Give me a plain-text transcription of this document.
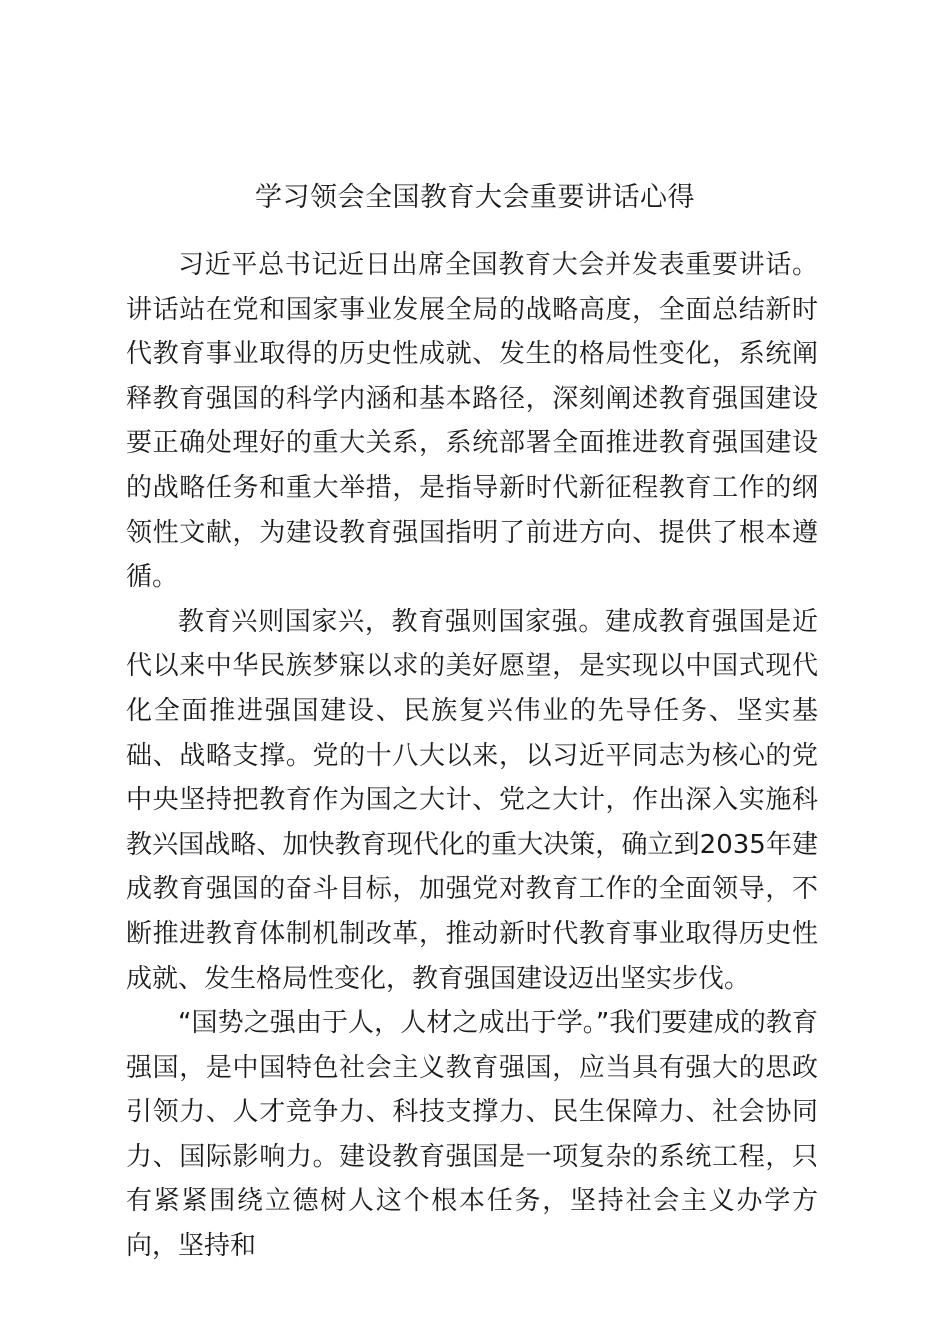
学习领会全国教育大会重要讲话心得

习近平总书记近日出席全国教育大会并发表重要讲话。讲话站在党和国家事业发展全局的战略高度，全面总结新时代教育事业取得的历史性成就、发生的格局性变化，系统阐释教育强国的科学内涵和基本路径，深刻阐述教育强国建设要正确处理好的重大关系，系统部署全面推进教育强国建设的战略任务和重大举措，是指导新时代新征程教育工作的纲领性文献，为建设教育强国指明了前进方向、提供了根本遵循。

教育兴则国家兴，教育强则国家强。建成教育强国是近代以来中华民族梦寐以求的美好愿望，是实现以中国式现代化全面推进强国建设、民族复兴伟业的先导任务、坚实基础、战略支撑。党的十八大以来，以习近平同志为核心的党中央坚持把教育作为国之大计、党之大计，作出深入实施科教兴国战略、加快教育现代化的重大决策，确立到2035年建成教育强国的奋斗目标，加强党对教育工作的全面领导，不断推进教育体制机制改革，推动新时代教育事业取得历史性成就、发生格局性变化，教育强国建设迈出坚实步伐。

“国势之强由于人，人材之成出于学。”我们要建成的教育强国，是中国特色社会主义教育强国，应当具有强大的思政引领力、人才竞争力、科技支撑力、民生保障力、社会协同力、国际影响力。建设教育强国是一项复杂的系统工程，只有紧紧围绕立德树人这个根本任务，坚持社会主义办学方向，坚持和
